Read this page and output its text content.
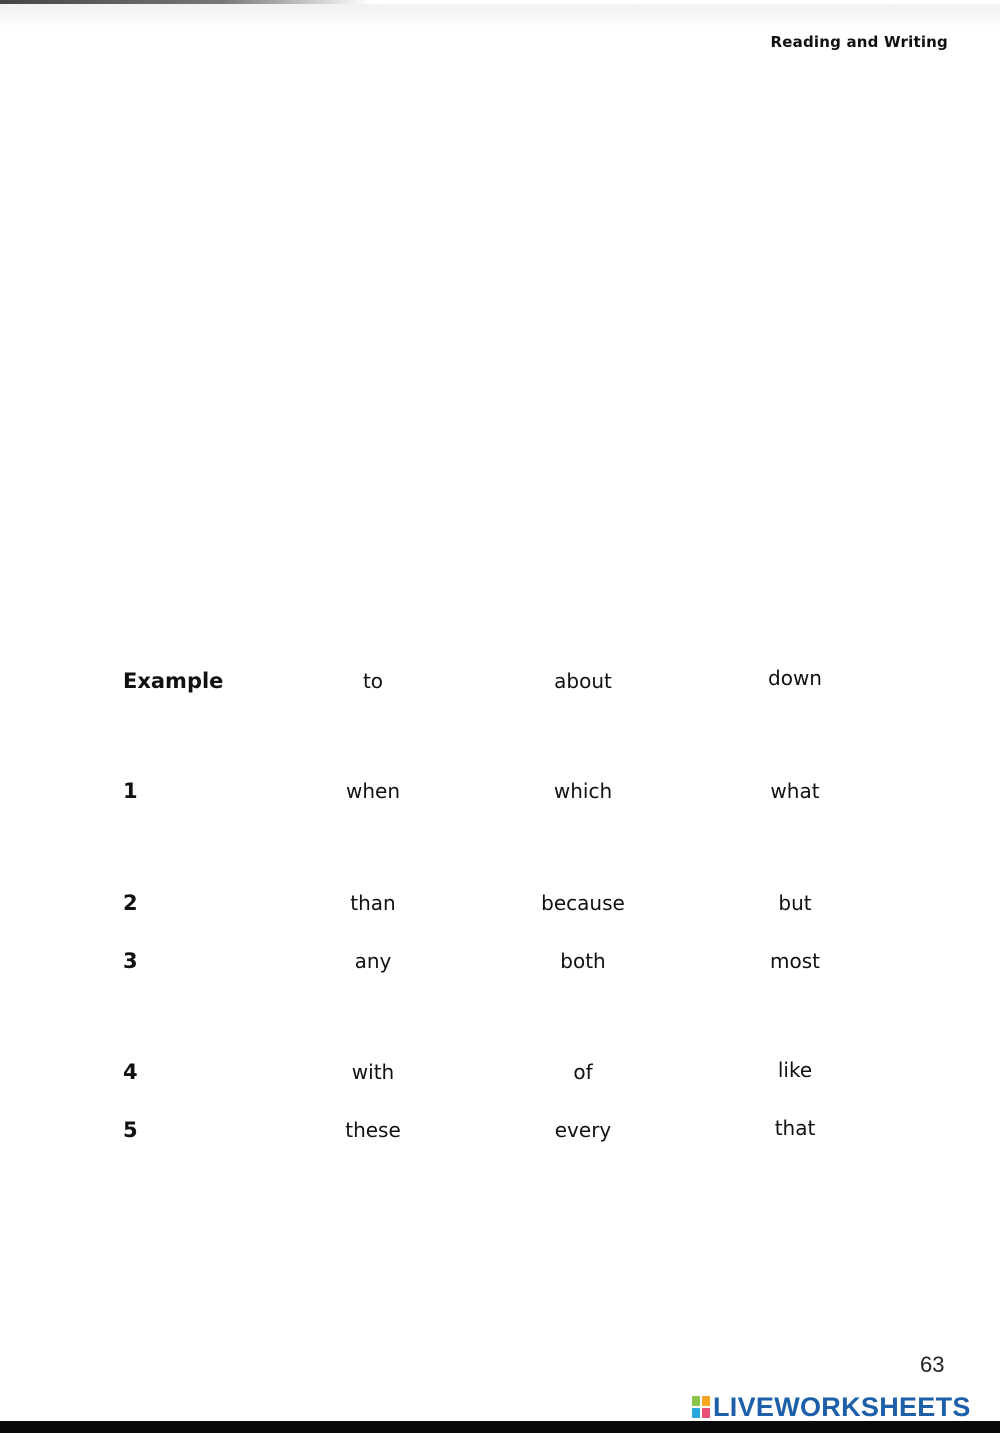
Reading and Writing
Example	to	about	down
1	when	which	what
2	than	because	but
3	any	both	most
4	with	of	like
5	these	every	that
63
LIVEWORKSHEETS
